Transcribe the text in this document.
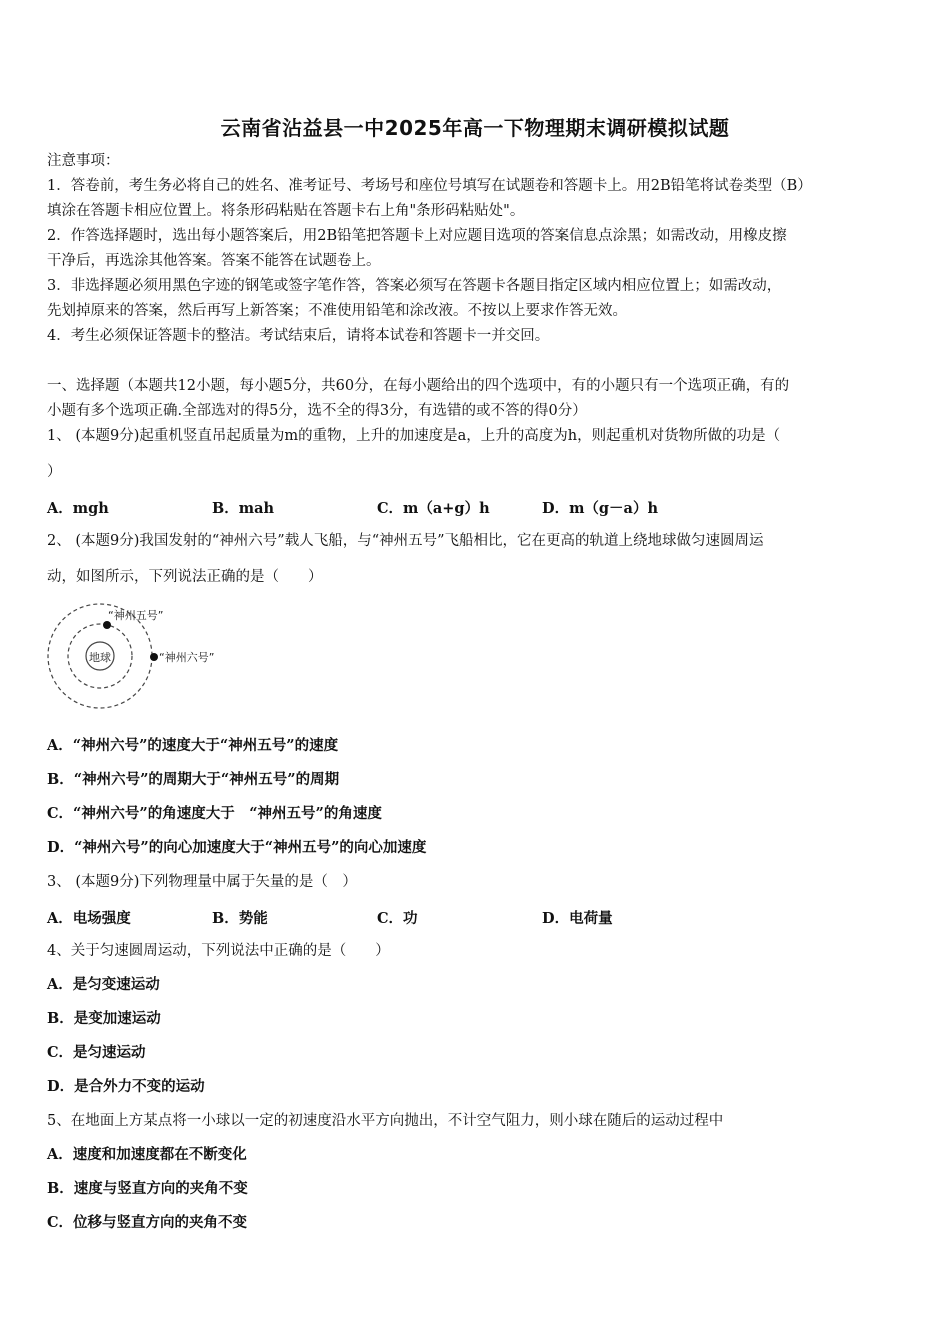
云南省沾益县一中2025年高一下物理期末调研模拟试题
注意事项：
1．答卷前，考生务必将自己的姓名、准考证号、考场号和座位号填写在试题卷和答题卡上。用2B铅笔将试卷类型（B）
填涂在答题卡相应位置上。将条形码粘贴在答题卡右上角"条形码粘贴处"。
2．作答选择题时，选出每小题答案后，用2B铅笔把答题卡上对应题目选项的答案信息点涂黑；如需改动，用橡皮擦
干净后，再选涂其他答案。答案不能答在试题卷上。
3．非选择题必须用黑色字迹的钢笔或签字笔作答，答案必须写在答题卡各题目指定区域内相应位置上；如需改动，
先划掉原来的答案，然后再写上新答案；不准使用铅笔和涂改液。不按以上要求作答无效。
4．考生必须保证答题卡的整洁。考试结束后，请将本试卷和答题卡一并交回。
一、选择题（本题共12小题，每小题5分，共60分，在每小题给出的四个选项中，有的小题只有一个选项正确，有的
小题有多个选项正确.全部选对的得5分，选不全的得3分，有选错的或不答的得0分）
1、 (本题9分)起重机竖直吊起质量为m的重物，上升的加速度是a，上升的高度为h，则起重机对货物所做的功是（
）
A．mgh	B．mah	C．m（a+g）h	D．m（g－a）h
2、 (本题9分)我国发射的“神州六号”载人飞船，与“神州五号”飞船相比，它在更高的轨道上绕地球做匀速圆周运
动，如图所示，下列说法正确的是（　　）
地球
“神州五号”
“神州六号”
A．“神州六号”的速度大于“神州五号”的速度
B．“神州六号”的周期大于“神州五号”的周期
C．“神州六号”的角速度大于　“神州五号”的角速度
D．“神州六号”的向心加速度大于“神州五号”的向心加速度
3、 (本题9分)下列物理量中属于矢量的是（　）
A．电场强度	B．势能	C．功	D．电荷量
4、关于匀速圆周运动，下列说法中正确的是（　　）
A．是匀变速运动
B．是变加速运动
C．是匀速运动
D．是合外力不变的运动
5、在地面上方某点将一小球以一定的初速度沿水平方向抛出，不计空气阻力，则小球在随后的运动过程中
A．速度和加速度都在不断变化
B．速度与竖直方向的夹角不变
C．位移与竖直方向的夹角不变
